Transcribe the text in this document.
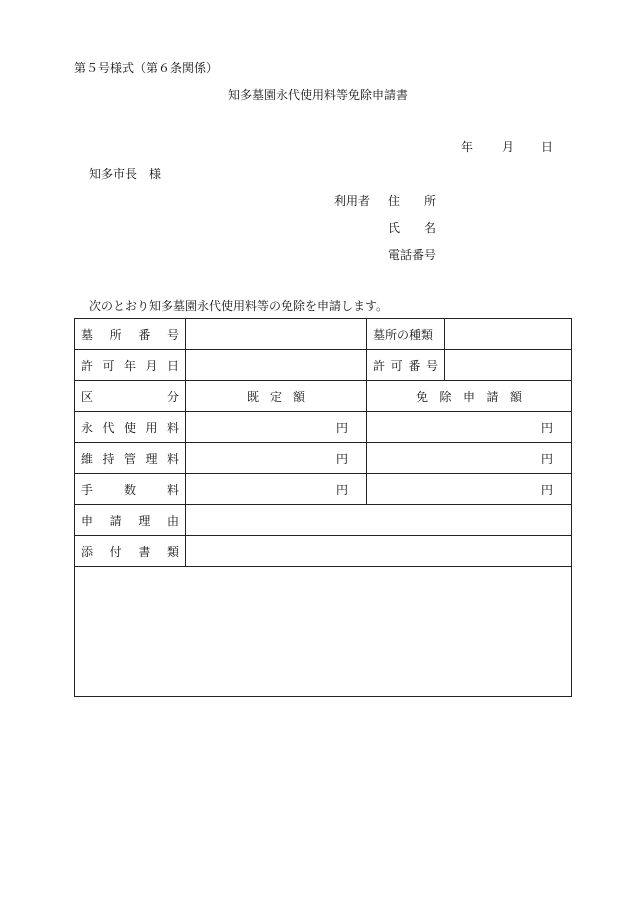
第５号様式（第６条関係）
知多墓園永代使用料等免除申請書
年 月 日
知多市長　様
利用者 住　　所
氏　　名
電話番号
次のとおり知多墓園永代使用料等の免除を申請します。
墓 所 番 号		墓所の種類	

許 可 年 月 日		許 可 番 号	

区 分	既 定 額	免 除 申 請 額	

永 代 使 用 料	円	円	

維 持 管 理 料	円	円	

手 数 料	円	円	

申 請 理 由			

添 付 書 類			
